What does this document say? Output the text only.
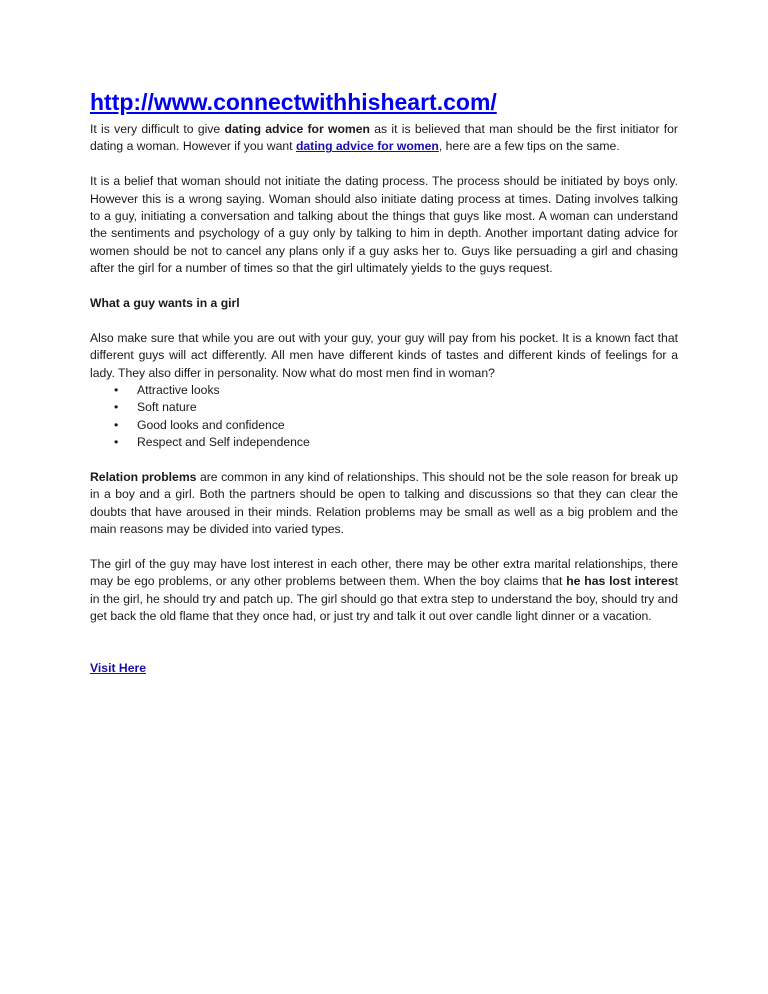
http://www.connectwithhisheart.com/

It is very difficult to give dating advice for women as it is believed that man should be the first initiator for dating a woman. However if you want dating advice for women, here are a few tips on the same.

It is a belief that woman should not initiate the dating process. The process should be initiated by boys only. However this is a wrong saying. Woman should also initiate dating process at times. Dating involves talking to a guy, initiating a conversation and talking about the things that guys like most. A woman can understand the sentiments and psychology of a guy only by talking to him in depth. Another important dating advice for women should be not to cancel any plans only if a guy asks her to. Guys like persuading a girl and chasing after the girl for a number of times so that the girl ultimately yields to the guys request.

What a guy wants in a girl

Also make sure that while you are out with your guy, your guy will pay from his pocket. It is a known fact that different guys will act differently. All men have different kinds of tastes and different kinds of feelings for a lady. They also differ in personality. Now what do most men find in woman?

• Attractive looks
• Soft nature
• Good looks and confidence
• Respect and Self independence

Relation problems are common in any kind of relationships. This should not be the sole reason for break up in a boy and a girl. Both the partners should be open to talking and discussions so that they can clear the doubts that have aroused in their minds. Relation problems may be small as well as a big problem and the main reasons may be divided into varied types.

The girl of the guy may have lost interest in each other, there may be other extra marital relationships, there may be ego problems, or any other problems between them. When the boy claims that he has lost interest in the girl, he should try and patch up. The girl should go that extra step to understand the boy, should try and get back the old flame that they once had, or just try and talk it out over candle light dinner or a vacation.

Visit Here
